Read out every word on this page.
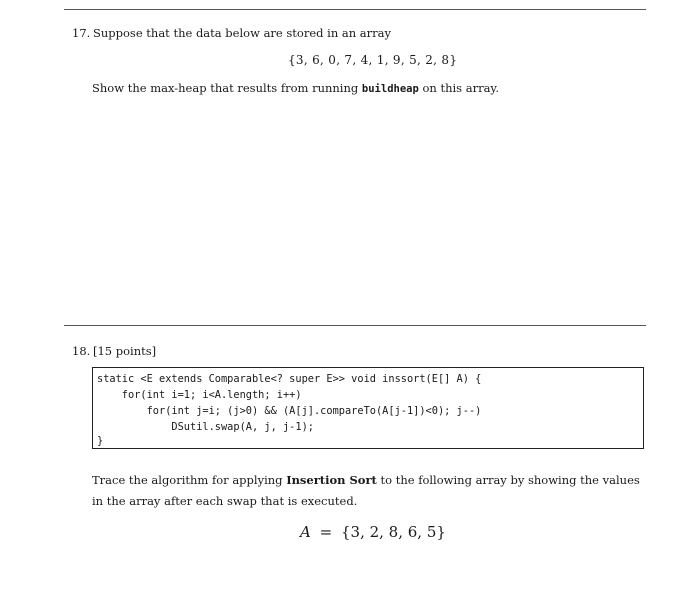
17. Suppose that the data below are stored in an array
{3, 6, 0, 7, 4, 1, 9, 5, 2, 8}
Show the max-heap that results from running buildheap on this array.
18. [15 points]
static <E extends Comparable<? super E>> void inssort(E[] A) {
for(int i=1; i<A.length; i++)
for(int j=i; (j>0) && (A[j].compareTo(A[j-1])<0); j--)
DSutil.swap(A, j, j-1);
}
Trace the algorithm for applying Insertion Sort to the following array by showing the values in the array after each swap that is executed.
A = {3, 2, 8, 6, 5}
